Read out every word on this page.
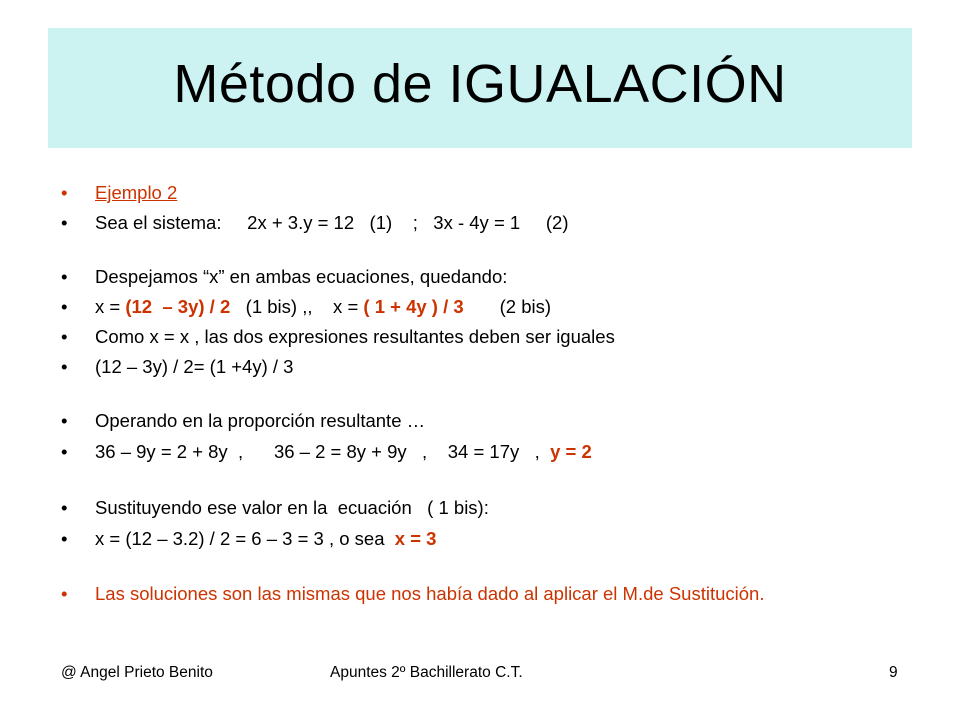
Método de IGUALACIÓN
• Ejemplo 2
• Sea el sistema:     2x + 3.y = 12   (1)    ;   3x - 4y = 1     (2)
• Despejamos “x” en ambas ecuaciones, quedando:
• x = (12  – 3y) / 2   (1 bis) ,,    x = ( 1 + 4y ) / 3       (2 bis)
• Como x = x , las dos expresiones resultantes deben ser iguales
• (12 – 3y) / 2= (1 +4y) / 3
• Operando en la proporción resultante …
• 36 – 9y = 2 + 8y  ,      36 – 2 = 8y + 9y   ,    34 = 17y   ,  y = 2
• Sustituyendo ese valor en la  ecuación   ( 1 bis):
• x = (12 – 3.2) / 2 = 6 – 3 = 3 , o sea  x = 3
• Las soluciones son las mismas que nos había dado al aplicar el M.de Sustitución.
@ Angel Prieto Benito	Apuntes 2º Bachillerato C.T.	9
